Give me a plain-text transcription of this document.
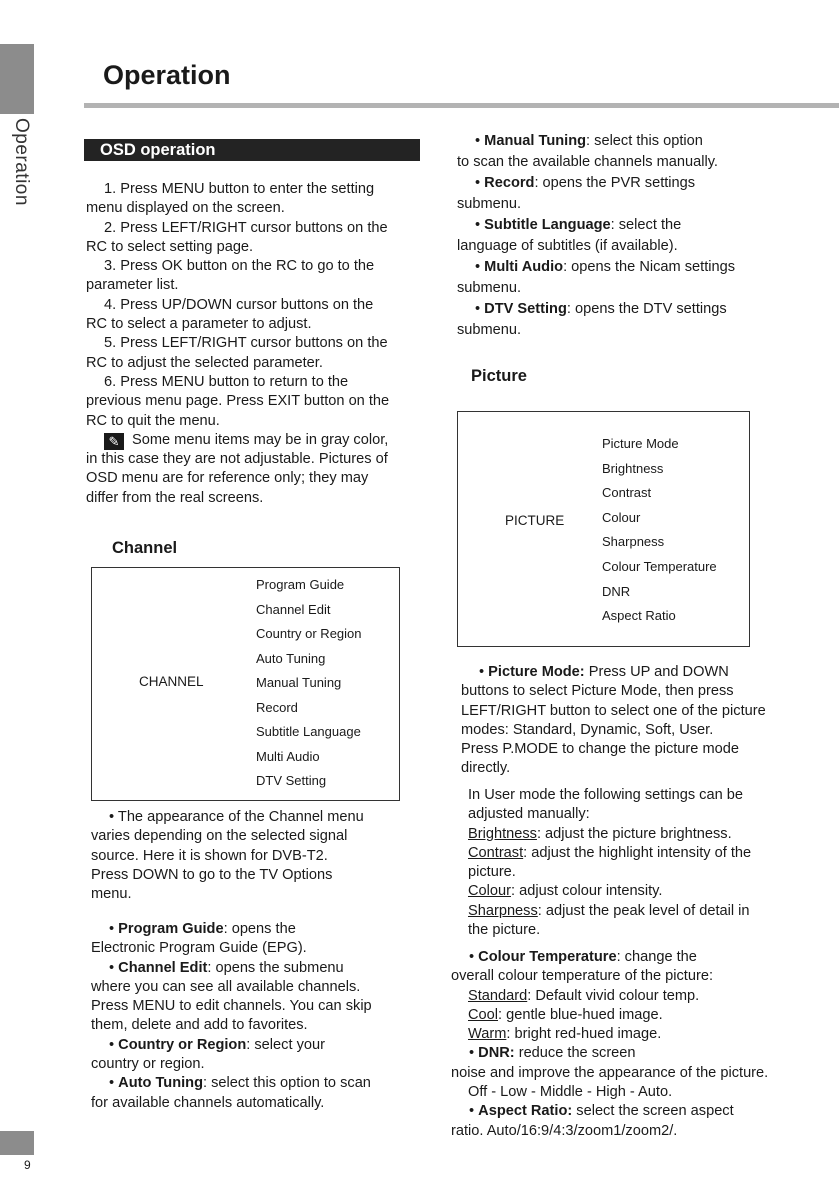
Operation
Operation
OSD operation

1. Press MENU button to enter the setting

menu displayed on the screen.

2. Press LEFT/RIGHT cursor buttons on the

RC to select setting page.

3. Press OK button on the RC to go to the

parameter list.

4. Press UP/DOWN cursor buttons on the

RC to select a parameter to adjust.

5. Press LEFT/RIGHT cursor buttons on the

RC to adjust the selected parameter.

6. Press MENU button to return to the

previous menu page. Press EXIT button on the

RC to quit the menu.

✎ Some menu items may be in gray color,

in this case they are not adjustable. Pictures of

OSD menu are for reference only; they may

differ from the real screens.

Channel
CHANNEL
Program Guide
Channel Edit
Country or Region
Auto Tuning
Manual Tuning
Record
Subtitle Language
Multi Audio
DTV Setting

• The appearance of the Channel menu

varies depending on the selected signal

source. Here it is shown for DVB-T2.

Press DOWN to go to the TV Options

menu.

• Program Guide: opens the

Electronic Program Guide (EPG).

• Channel Edit: opens the submenu

where you can see all available channels.

Press MENU to edit channels. You can skip

them, delete and add to favorites.

• Country or Region: select your

country or region.

• Auto Tuning: select this option to scan

for available channels automatically.

• Manual Tuning: select this option

to scan the available channels manually.

• Record: opens the PVR settings

submenu.

• Subtitle Language: select the

language of subtitles (if available).

• Multi Audio: opens the Nicam settings

submenu.

• DTV Setting: opens the DTV settings

submenu.

Picture
PICTURE
Picture Mode
Brightness
Contrast
Colour
Sharpness
Colour Temperature
DNR
Aspect Ratio

• Picture Mode: Press UP and DOWN

buttons to select Picture Mode, then press

LEFT/RIGHT button to select one of the picture

modes: Standard, Dynamic, Soft, User.

Press P.MODE to change the picture mode

directly.

In User mode the following settings can be

adjusted manually:

Brightness: adjust the picture brightness.

Contrast: adjust the highlight intensity of the

picture.

Colour: adjust colour intensity.

Sharpness: adjust the peak level of detail in

the picture.

• Colour Temperature: change the

overall colour temperature of the picture:

Standard: Default vivid colour temp.

Cool: gentle blue-hued image.

Warm: bright red-hued image.

• DNR: reduce the screen

noise and improve the appearance of the picture.

Off - Low - Middle - High - Auto.

• Aspect Ratio: select the screen aspect

ratio. Auto/16:9/4:3/zoom1/zoom2/.

9
